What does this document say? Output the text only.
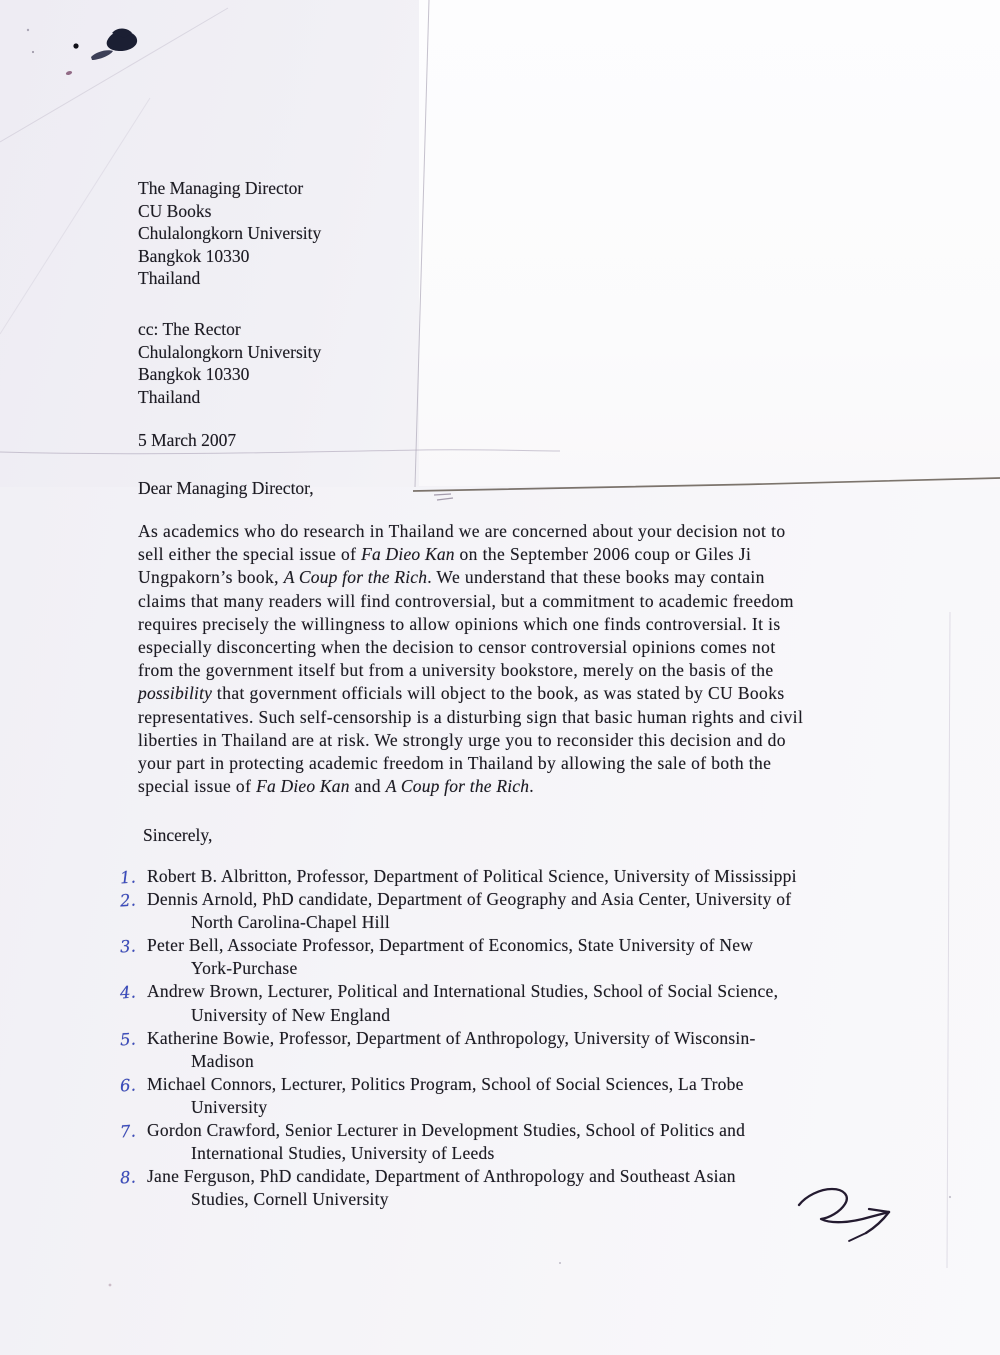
The Managing Director
CU Books
Chulalongkorn University
Bangkok 10330
Thailand
cc: The Rector
Chulalongkorn University
Bangkok 10330
Thailand
5 March 2007
Dear Managing Director,
As academics who do research in Thailand we are concerned about your decision not to
sell either the special issue of Fa Dieo Kan on the September 2006 coup or Giles Ji
Ungpakorn’s book, A Coup for the Rich. We understand that these books may contain
claims that many readers will find controversial, but a commitment to academic freedom
requires precisely the willingness to allow opinions which one finds controversial. It is
especially disconcerting when the decision to censor controversial opinions comes not
from the government itself but from a university bookstore, merely on the basis of the
possibility that government officials will object to the book, as was stated by CU Books
representatives. Such self-censorship is a disturbing sign that basic human rights and civil
liberties in Thailand are at risk. We strongly urge you to reconsider this decision and do
your part in protecting academic freedom in Thailand by allowing the sale of both the
special issue of Fa Dieo Kan and A Coup for the Rich.
Sincerely,
1. Robert B. Albritton, Professor, Department of Political Science, University of Mississippi
2. Dennis Arnold, PhD candidate, Department of Geography and Asia Center, University of
North Carolina-Chapel Hill
3. Peter Bell, Associate Professor, Department of Economics, State University of New
York-Purchase
4. Andrew Brown, Lecturer, Political and International Studies, School of Social Science,
University of New England
5. Katherine Bowie, Professor, Department of Anthropology, University of Wisconsin-
Madison
6. Michael Connors, Lecturer, Politics Program, School of Social Sciences, La Trobe
University
7. Gordon Crawford, Senior Lecturer in Development Studies, School of Politics and
International Studies, University of Leeds
8. Jane Ferguson, PhD candidate, Department of Anthropology and Southeast Asian
Studies, Cornell University
